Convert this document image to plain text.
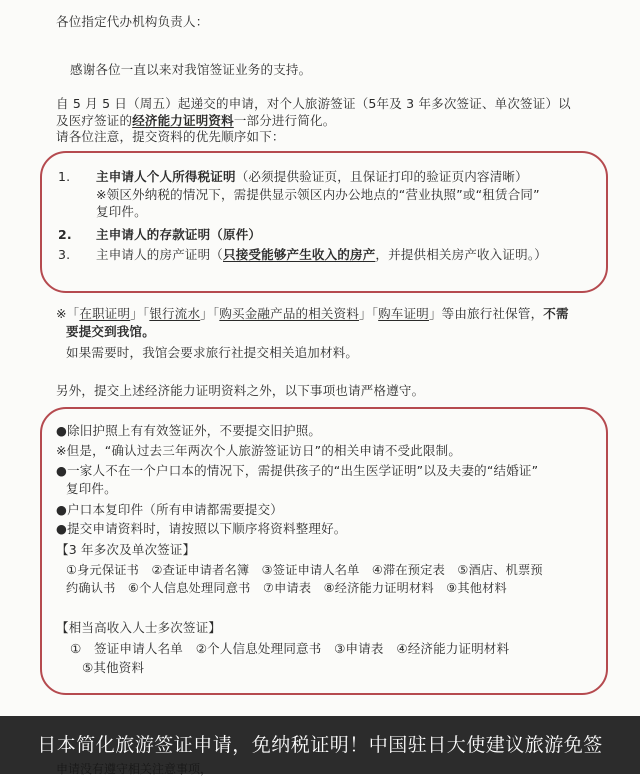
各位指定代办机构负责人：
感谢各位一直以来对我馆签证业务的支持。
自 5 月 5 日（周五）起递交的申请，对个人旅游签证（5年及 3 年多次签证、单次签证）以
及医疗签证的经济能力证明资料一部分进行简化。
请各位注意，提交资料的优先顺序如下：
1. 主申请人个人所得税证明（必须提供验证页，且保证打印的验证页内容清晰）
※领区外纳税的情况下，需提供显示领区内办公地点的“营业执照”或“租赁合同”
复印件。
2. 主申请人的存款证明（原件）
3. 主申请人的房产证明（只接受能够产生收入的房产，并提供相关房产收入证明。）
※「在职证明」「银行流水」「购买金融产品的相关资料」「购车证明」等由旅行社保管，不需
要提交到我馆。
如果需要时，我馆会要求旅行社提交相关追加材料。
另外，提交上述经济能力证明资料之外，以下事项也请严格遵守。
●除旧护照上有有效签证外，不要提交旧护照。
※但是，“确认过去三年两次个人旅游签证访日”的相关申请不受此限制。
●一家人不在一个户口本的情况下，需提供孩子的“出生医学证明”以及夫妻的“结婚证”
复印件。
●户口本复印件（所有申请都需要提交）
●提交申请资料时，请按照以下顺序将资料整理好。
【3 年多次及单次签证】
①身元保证书　②查证申请者名簿　③签证申请人名单　④滞在预定表　⑤酒店、机票预
约确认书　⑥个人信息处理同意书　⑦申请表　⑧经济能力证明材料　⑨其他材料
【相当高收入人士多次签证】
①　签证申请人名单　②个人信息处理同意书　③申请表　④经济能力证明材料
⑤其他资料
日本简化旅游签证申请，免纳税证明！中国驻日大使建议旅游免签
